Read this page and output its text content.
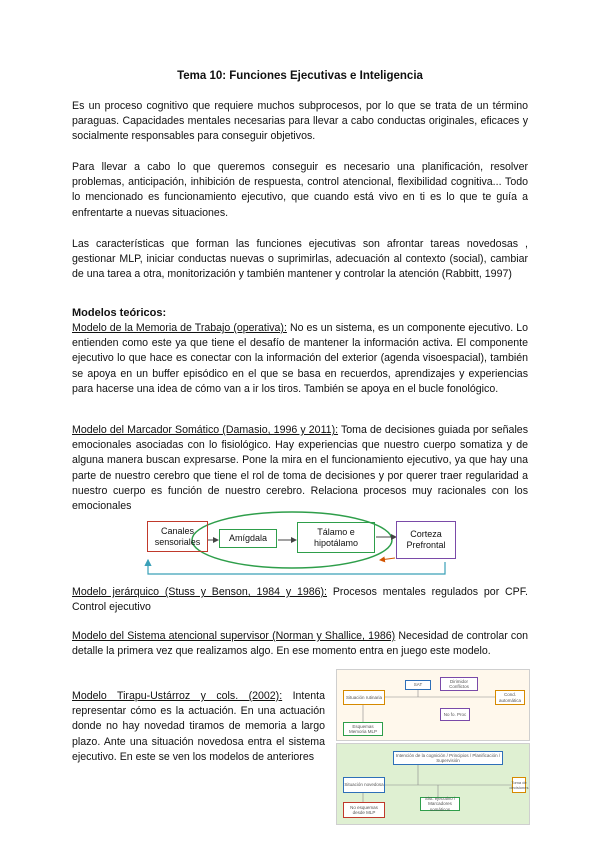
Tema 10: Funciones Ejecutivas e Inteligencia

Es un proceso cognitivo que requiere muchos subprocesos, por lo que se trata de un término paraguas. Capacidades mentales necesarias para llevar a cabo conductas originales, eficaces y socialmente responsables para conseguir objetivos.

Para llevar a cabo lo que queremos conseguir es necesario una planificación, resolver problemas, anticipación, inhibición de respuesta, control atencional, flexibilidad cognitiva... Todo lo mencionado es funcionamiento ejecutivo, que cuando está vivo en ti es lo que te guía a enfrentarte a nuevas situaciones.

Las características que forman las funciones ejecutivas son afrontar tareas novedosas , gestionar MLP, iniciar conductas nuevas o suprimirlas, adecuación al contexto (social), cambiar de una tarea a otra, monitorización y también mantener y controlar la atención (Rabbitt, 1997)

Modelos teóricos:

Modelo de la Memoria de Trabajo (operativa): No es un sistema, es un componente ejecutivo. Lo entienden como este ya que tiene el desafío de mantener la información activa. El componente ejecutivo lo que hace es conectar con la información del exterior (agenda visoespacial), también se apoya en un buffer episódico en el que se basa en recuerdos, aprendizajes y experiencias para hacerse una idea de cómo van a ir los tiros. También se apoya en el bucle fonológico.

Modelo del Marcador Somático (Damasio, 1996 y 2011): Toma de decisiones guiada por señales emocionales asociadas con lo fisiológico. Hay experiencias que nuestro cuerpo somatiza y de alguna manera buscan expresarse. Pone la mira en el funcionamiento ejecutivo, ya que hay una parte de nuestro cerebro que tiene el rol de toma de decisiones y por querer traer regularidad a nuestro cuerpo es función de nuestro cerebro. Relaciona procesos muy racionales con los emocionales

Canales sensoriales	Amígdala
Tálamo e hipotálamo
Corteza Prefrontal

Modelo jerárquico (Stuss y Benson, 1984 y 1986): Procesos mentales regulados por CPF. Control ejecutivo

Modelo del Sistema atencional supervisor (Norman y Shallice, 1986) Necesidad de controlar con detalle la primera vez que realizamos algo. En ese momento entra en juego este modelo.

Modelo Tirapu-Ustárroz y cols. (2002): Intenta representar cómo es la actuación. En una actuación donde no hay novedad tiramos de memoria a largo plazo. Ante una situación novedosa entra el sistema ejecutivo. En este se ven los modelos de anteriores

Situación rutinaria
SAT
Dirimidor Conflictos
No fo. Proc
Cond. automática
Esquemas Memoria MLP
Intención de la cognición / Principios / Planificación / Supervisión
Situación novedosa
Toma de decisiones
No esquemas desde MLP
Sist. ejecutivo / Marcadores somáticos
